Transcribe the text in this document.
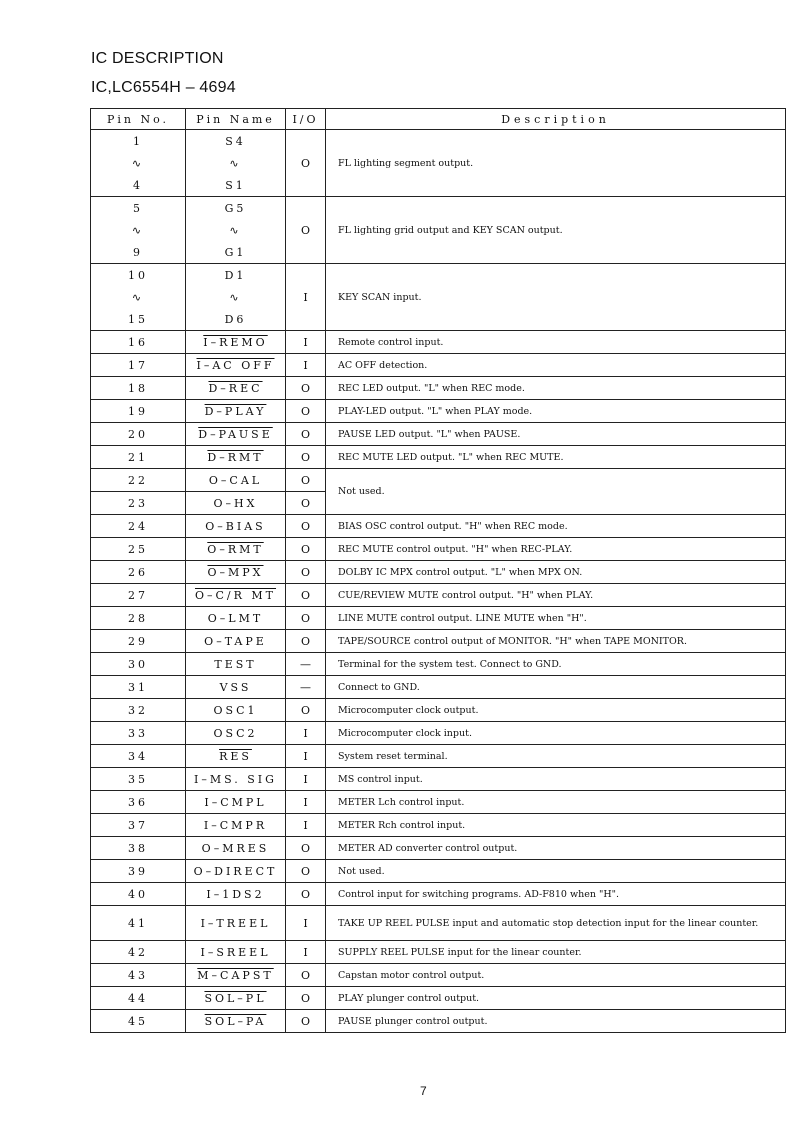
IC DESCRIPTION
IC,LC6554H – 4694
Pin No.	Pin Name	I∕O	Description
1	S4	O	FL lighting segment output.
∿	∿		
4	S1		
5	G5	O	FL lighting grid output and KEY SCAN output.
∿	∿		
9	G1		
10	D1	I	KEY SCAN input.
∿	∿		
15	D6		
16	I–REMO	I	Remote control input.
17	I–AC OFF	I	AC OFF detection.
18	D–REC	O	REC LED output. "L" when REC mode.
19	D–PLAY	O	PLAY-LED output. "L" when PLAY mode.
20	D–PAUSE	O	PAUSE LED output. "L" when PAUSE.
21	D–RMT	O	REC MUTE LED output. "L" when REC MUTE.
22	O–CAL	O	Not used.
23	O–HX	O	
24	O–BIAS	O	BIAS OSC control output. "H" when REC mode.
25	O–RMT	O	REC MUTE control output. "H" when REC-PLAY.
26	O–MPX	O	DOLBY IC MPX control output. "L" when MPX ON.
27	O–C∕R MT	O	CUE/REVIEW MUTE control output. "H" when PLAY.
28	O–LMT	O	LINE MUTE control output. LINE MUTE when "H".
29	O–TAPE	O	TAPE/SOURCE control output of MONITOR. "H" when TAPE MONITOR.
30	TEST	—	Terminal for the system test. Connect to GND.
31	VSS	—	Connect to GND.
32	OSC1	O	Microcomputer clock output.
33	OSC2	I	Microcomputer clock input.
34	$\overline{RES}$	I	System reset terminal.
35	I–MS. SIG	I	MS control input.
36	I–CMPL	I	METER Lch control input.
37	I–CMPR	I	METER Rch control input.
38	O–MRES	O	METER AD converter control output.
39	O–DIRECT	O	Not used.
40	I–1DS2	O	Control input for switching programs. AD-F810 when "H".
41	I–TREEL	I	TAKE UP REEL PULSE input and automatic stop detection input for the linear counter.
42	I–SREEL	I	SUPPLY REEL PULSE input for the linear counter.
43	M–CAPST	O	Capstan motor control output.
44	SOL–PL	O	PLAY plunger control output.
45	SOL–PA	O	PAUSE plunger control output.
7
